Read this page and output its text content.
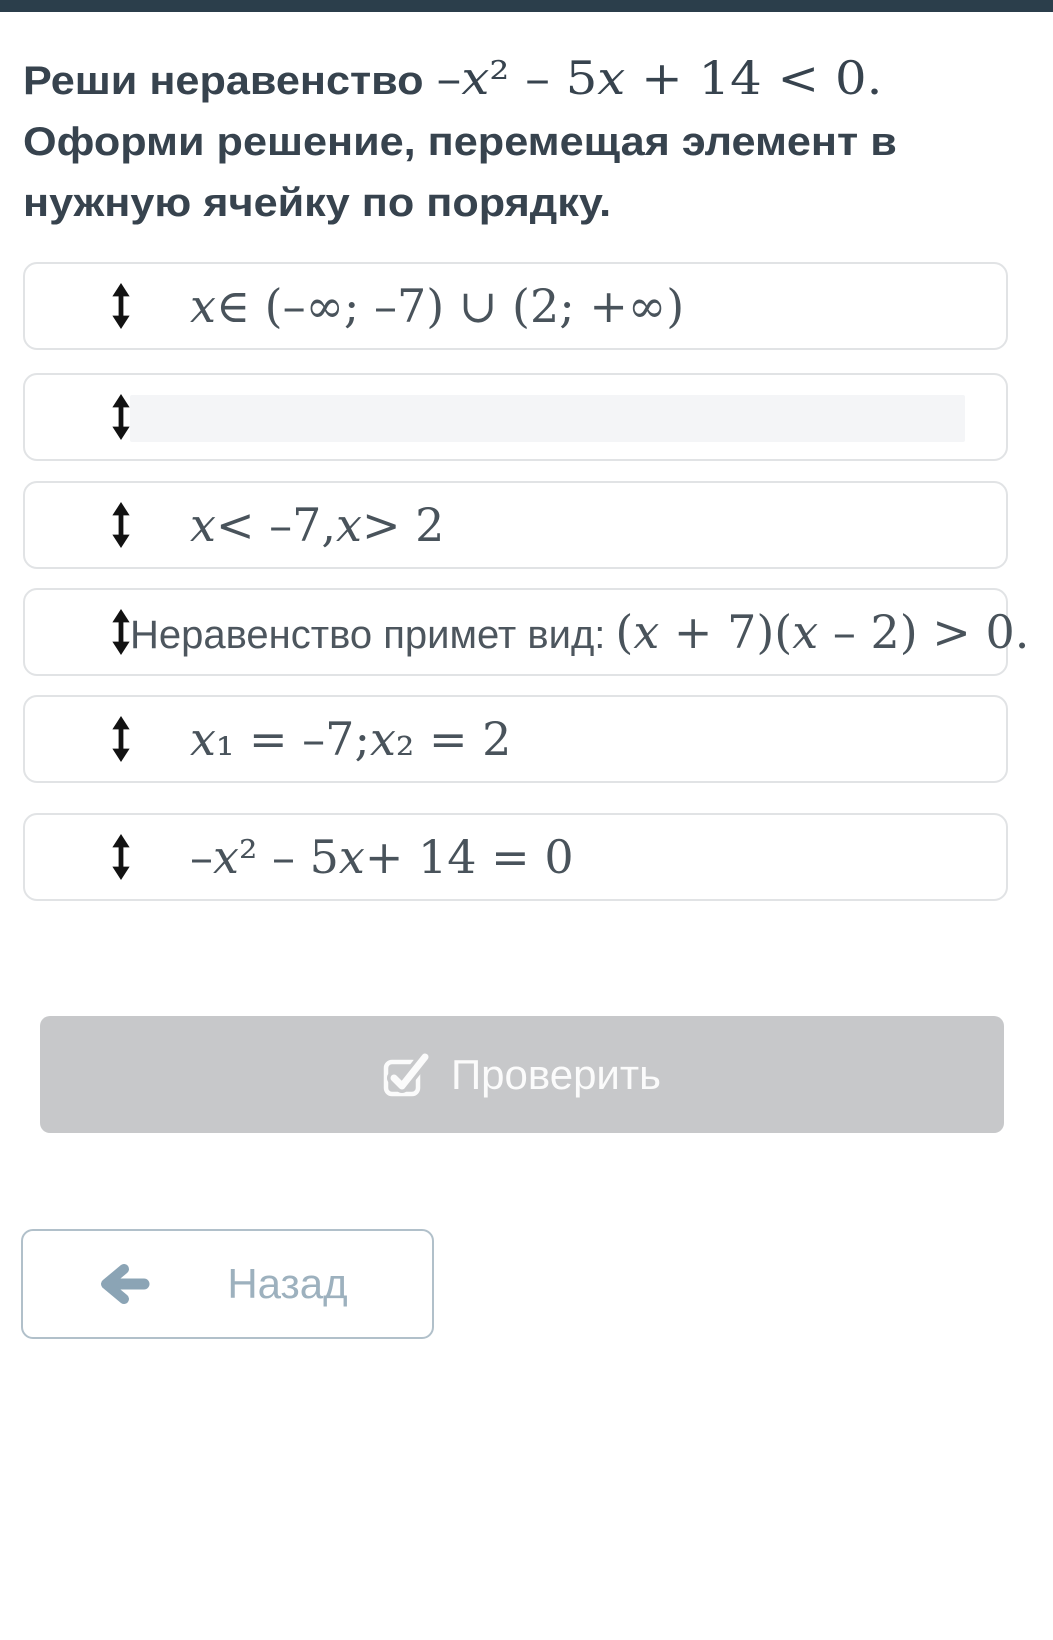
Реши неравенство –x² – 5x + 14 < 0.
Оформи решение, перемещая элемент в
нужную ячейку по порядку.
x ∈ (–∞; –7) ∪ (2; +∞)
x < –7, x > 2
Неравенство примет вид: (x + 7)(x – 2) > 0.
x ₁ = –7; x ₂ = 2
– x ² – 5 x + 14 = 0
Проверить
Назад
